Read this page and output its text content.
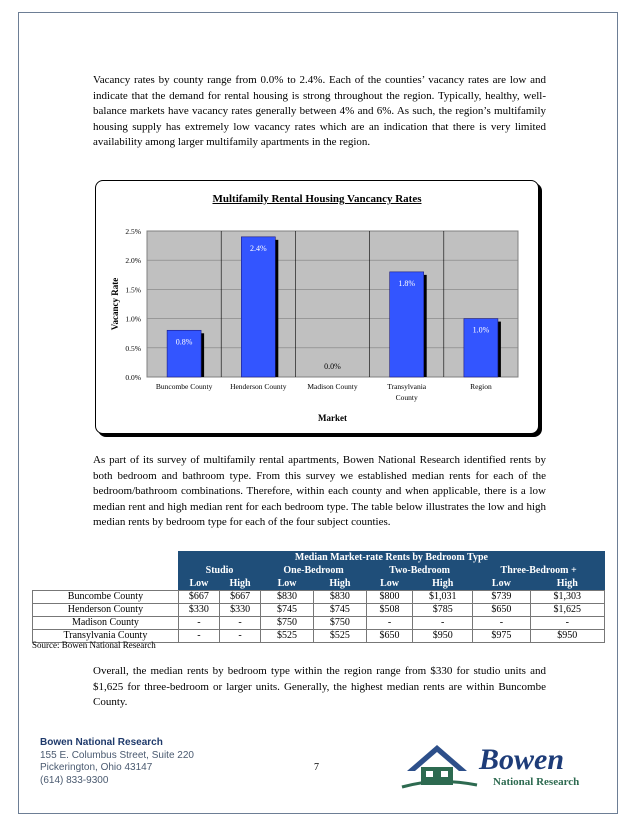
Vacancy rates by county range from 0.0% to 2.4%. Each of the counties’ vacancy rates are low and indicate that the demand for rental housing is strong throughout the region. Typically, healthy, well-balance markets have vacancy rates generally between 4% and 6%. As such, the region’s multifamily housing supply has extremely low vacancy rates which are an indication that there is very limited availability among larger multifamily apartments in the region.

Multifamily Rental Housing Vancancy Rates
0.0%
0.5%
1.0%
1.5%
2.0%
2.5%
0.8%
Buncombe County
2.4%
Henderson County
0.0%
Madison County
1.8%
Transylvania
County
1.0%
Region
Market
Vacancy Rate

As part of its survey of multifamily rental apartments, Bowen National Research identified rents by both bedroom and bathroom type. From this survey we established median rents for each of the bedroom/bathroom combinations. Therefore, within each county and when applicable, there is a low median rent and high median rent for each bedroom type. The table below illustrates the low and high median rents by bedroom type for each of the four subject counties.

	Median Market-rate Rents by Bedroom Type							
	Studio		One-Bedroom		Two-Bedroom		Three-Bedroom +	
	Low	High	Low	High	Low	High	Low	High
Buncombe County	$667	$667	$830	$830	$800	$1,031	$739	$1,303
Henderson County	$330	$330	$745	$745	$508	$785	$650	$1,625
Madison County	-	-	$750	$750	-	-	-	-
Transylvania County	-	-	$525	$525	$650	$950	$975	$950
Source: Bowen National Research

Overall, the median rents by bedroom type within the region range from $330 for studio units and $1,625 for three-bedroom or larger units. Generally, the highest median rents are within Buncombe County.

Bowen National Research
155 E. Columbus Street, Suite 220
Pickerington, Ohio 43147
(614) 833-9300
7	Bowen
National Research
